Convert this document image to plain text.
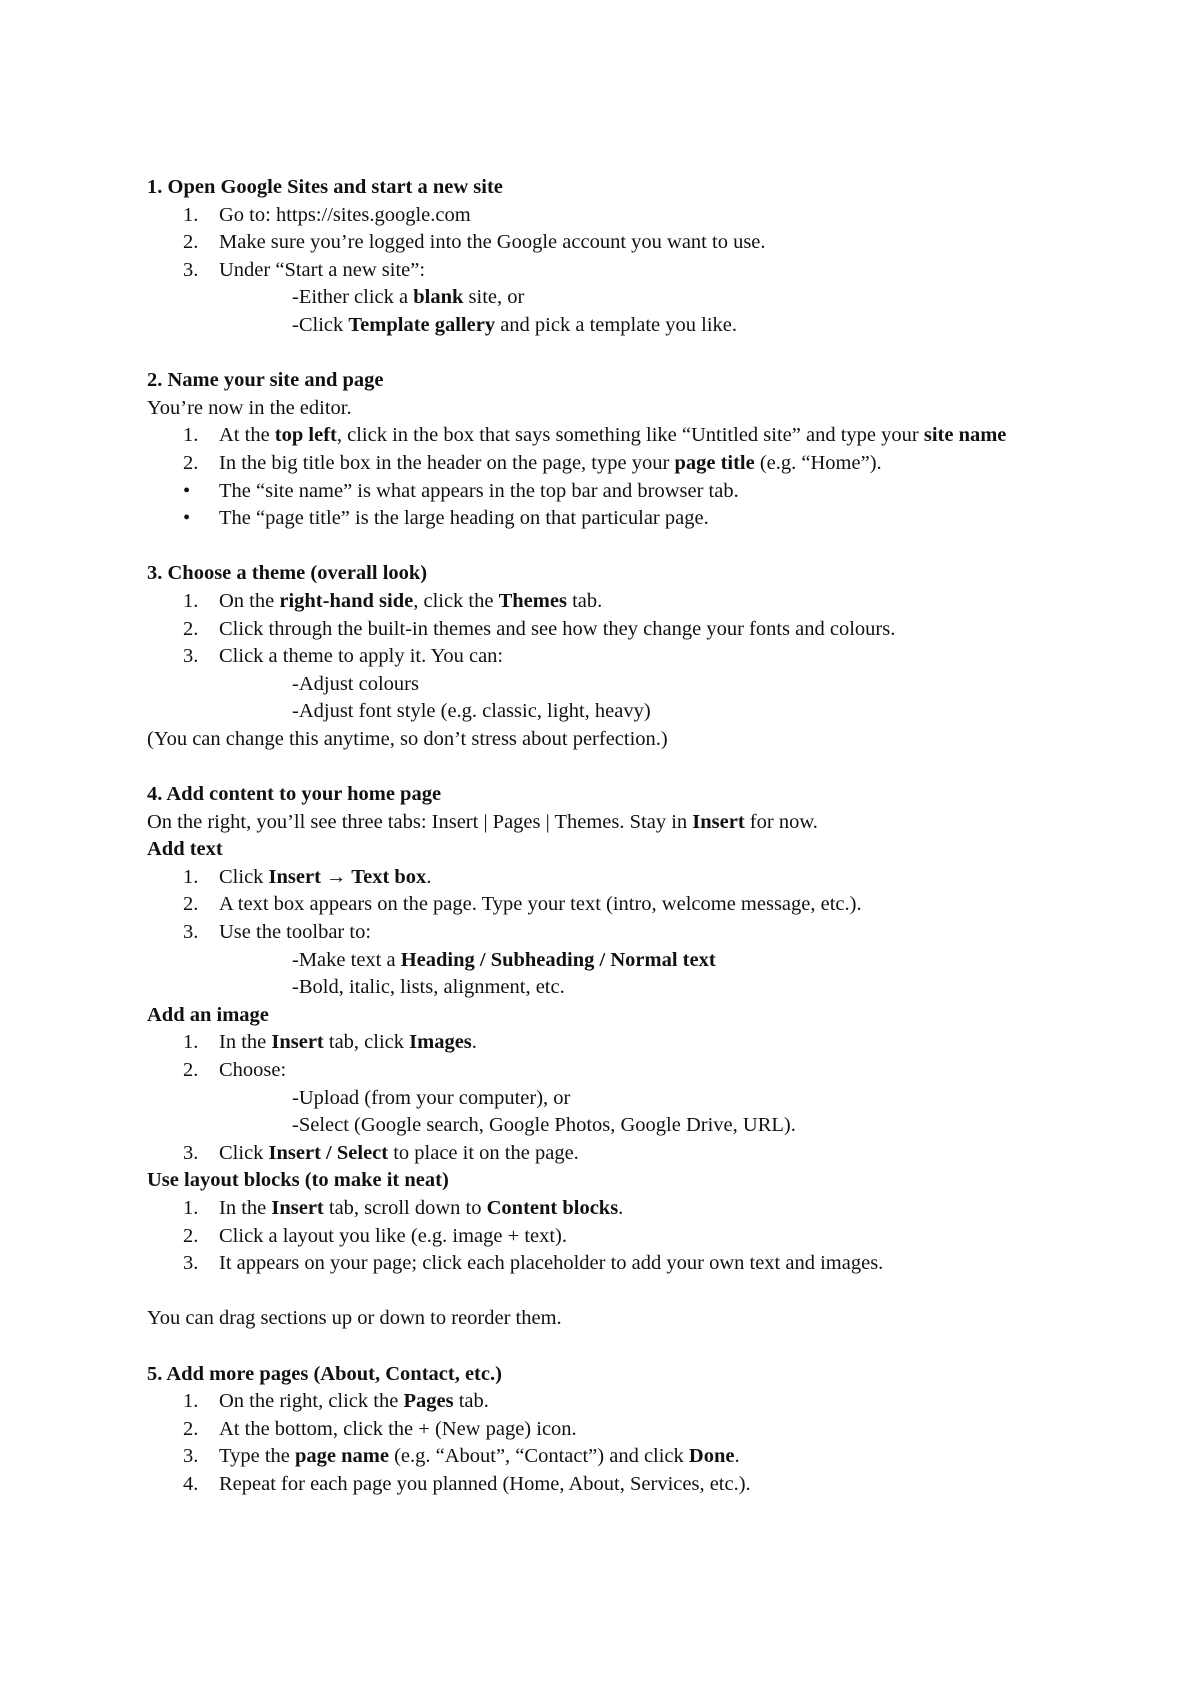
1. Open Google Sites and start a new site

1.	Go to: https://sites.google.com
2.	Make sure you’re logged into the Google account you want to use.
3.	Under “Start a new site”:

-Either click a blank site, or

-Click Template gallery and pick a template you like.

2. Name your site and page

You’re now in the editor.

1.	At the top left, click in the box that says something like “Untitled site” and type your site name
2.	In the big title box in the header on the page, type your page title (e.g. “Home”).
•	The “site name” is what appears in the top bar and browser tab.
•	The “page title” is the large heading on that particular page.

3. Choose a theme (overall look)

1.	On the right-hand side, click the Themes tab.
2.	Click through the built-in themes and see how they change your fonts and colours.
3.	Click a theme to apply it. You can:

-Adjust colours

-Adjust font style (e.g. classic, light, heavy)

(You can change this anytime, so don’t stress about perfection.)

4. Add content to your home page

On the right, you’ll see three tabs: Insert | Pages | Themes. Stay in Insert for now.

Add text

1.	Click Insert → Text box.
2.	A text box appears on the page. Type your text (intro, welcome message, etc.).
3.	Use the toolbar to:

-Make text a Heading / Subheading / Normal text

-Bold, italic, lists, alignment, etc.

Add an image

1.	In the Insert tab, click Images.
2.	Choose:

-Upload (from your computer), or

-Select (Google search, Google Photos, Google Drive, URL).

3.	Click Insert / Select to place it on the page.

Use layout blocks (to make it neat)

1.	In the Insert tab, scroll down to Content blocks.
2.	Click a layout you like (e.g. image + text).
3.	It appears on your page; click each placeholder to add your own text and images.

You can drag sections up or down to reorder them.

5. Add more pages (About, Contact, etc.)

1.	On the right, click the Pages tab.
2.	At the bottom, click the + (New page) icon.
3.	Type the page name (e.g. “About”, “Contact”) and click Done.
4.	Repeat for each page you planned (Home, About, Services, etc.).
